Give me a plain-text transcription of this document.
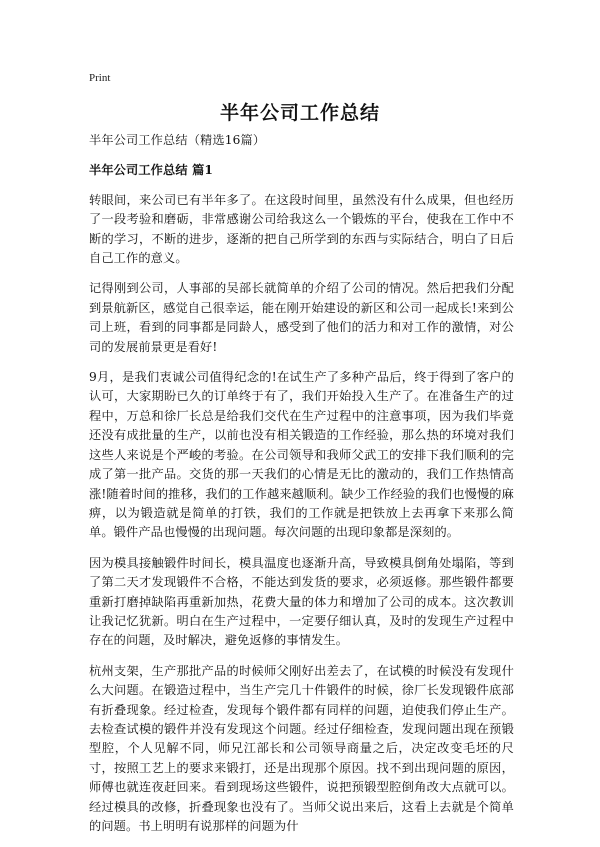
Print
半年公司工作总结

半年公司工作总结（精选16篇）

半年公司工作总结 篇1

转眼间，来公司已有半年多了。在这段时间里，虽然没有什么成果，但也经历了一段考验和磨砺，非常感谢公司给我这么一个锻炼的平台，使我在工作中不断的学习，不断的进步，逐渐的把自己所学到的东西与实际结合，明白了日后自己工作的意义。

记得刚到公司，人事部的吴部长就简单的介绍了公司的情况。然后把我们分配到景航新区，感觉自己很幸运，能在刚开始建设的新区和公司一起成长!来到公司上班，看到的同事都是同龄人，感受到了他们的活力和对工作的激情，对公司的发展前景更是看好!

9月，是我们衷诚公司值得纪念的!在试生产了多种产品后，终于得到了客户的认可，大家期盼已久的订单终于有了，我们开始投入生产了。在准备生产的过程中，万总和徐厂长总是给我们交代在生产过程中的注意事项，因为我们毕竟还没有成批量的生产，以前也没有相关锻造的工作经验，那么热的环境对我们这些人来说是个严峻的考验。在公司领导和我师父武工的安排下我们顺利的完成了第一批产品。交货的那一天我们的心情是无比的激动的，我们工作热情高涨!随着时间的推移，我们的工作越来越顺利。缺少工作经验的我们也慢慢的麻痹，以为锻造就是简单的打铁，我们的工作就是把铁放上去再拿下来那么简单。锻件产品也慢慢的出现问题。每次问题的出现印象都是深刻的。

因为模具接触锻件时间长，模具温度也逐渐升高，导致模具倒角处塌陷，等到了第二天才发现锻件不合格，不能达到发货的要求，必须返修。那些锻件都要重新打磨掉缺陷再重新加热，花费大量的体力和增加了公司的成本。这次教训让我记忆犹新。明白在生产过程中，一定要仔细认真，及时的发现生产过程中存在的问题，及时解决，避免返修的事情发生。

杭州支架，生产那批产品的时候师父刚好出差去了，在试模的时候没有发现什么大问题。在锻造过程中，当生产完几十件锻件的时候，徐厂长发现锻件底部有折叠现象。经过检查，发现每个锻件都有同样的问题，迫使我们停止生产。去检查试模的锻件并没有发现这个问题。经过仔细检查，发现问题出现在预锻型腔，个人见解不同，师兄江部长和公司领导商量之后，决定改变毛坯的尺寸，按照工艺上的要求来锻打，还是出现那个原因。找不到出现问题的原因，师傅也就连夜赶回来。看到现场这些锻件，说把预锻型腔倒角改大点就可以。经过模具的改修，折叠现象也没有了。当师父说出来后，这看上去就是个简单的问题。书上明明有说那样的问题为什
